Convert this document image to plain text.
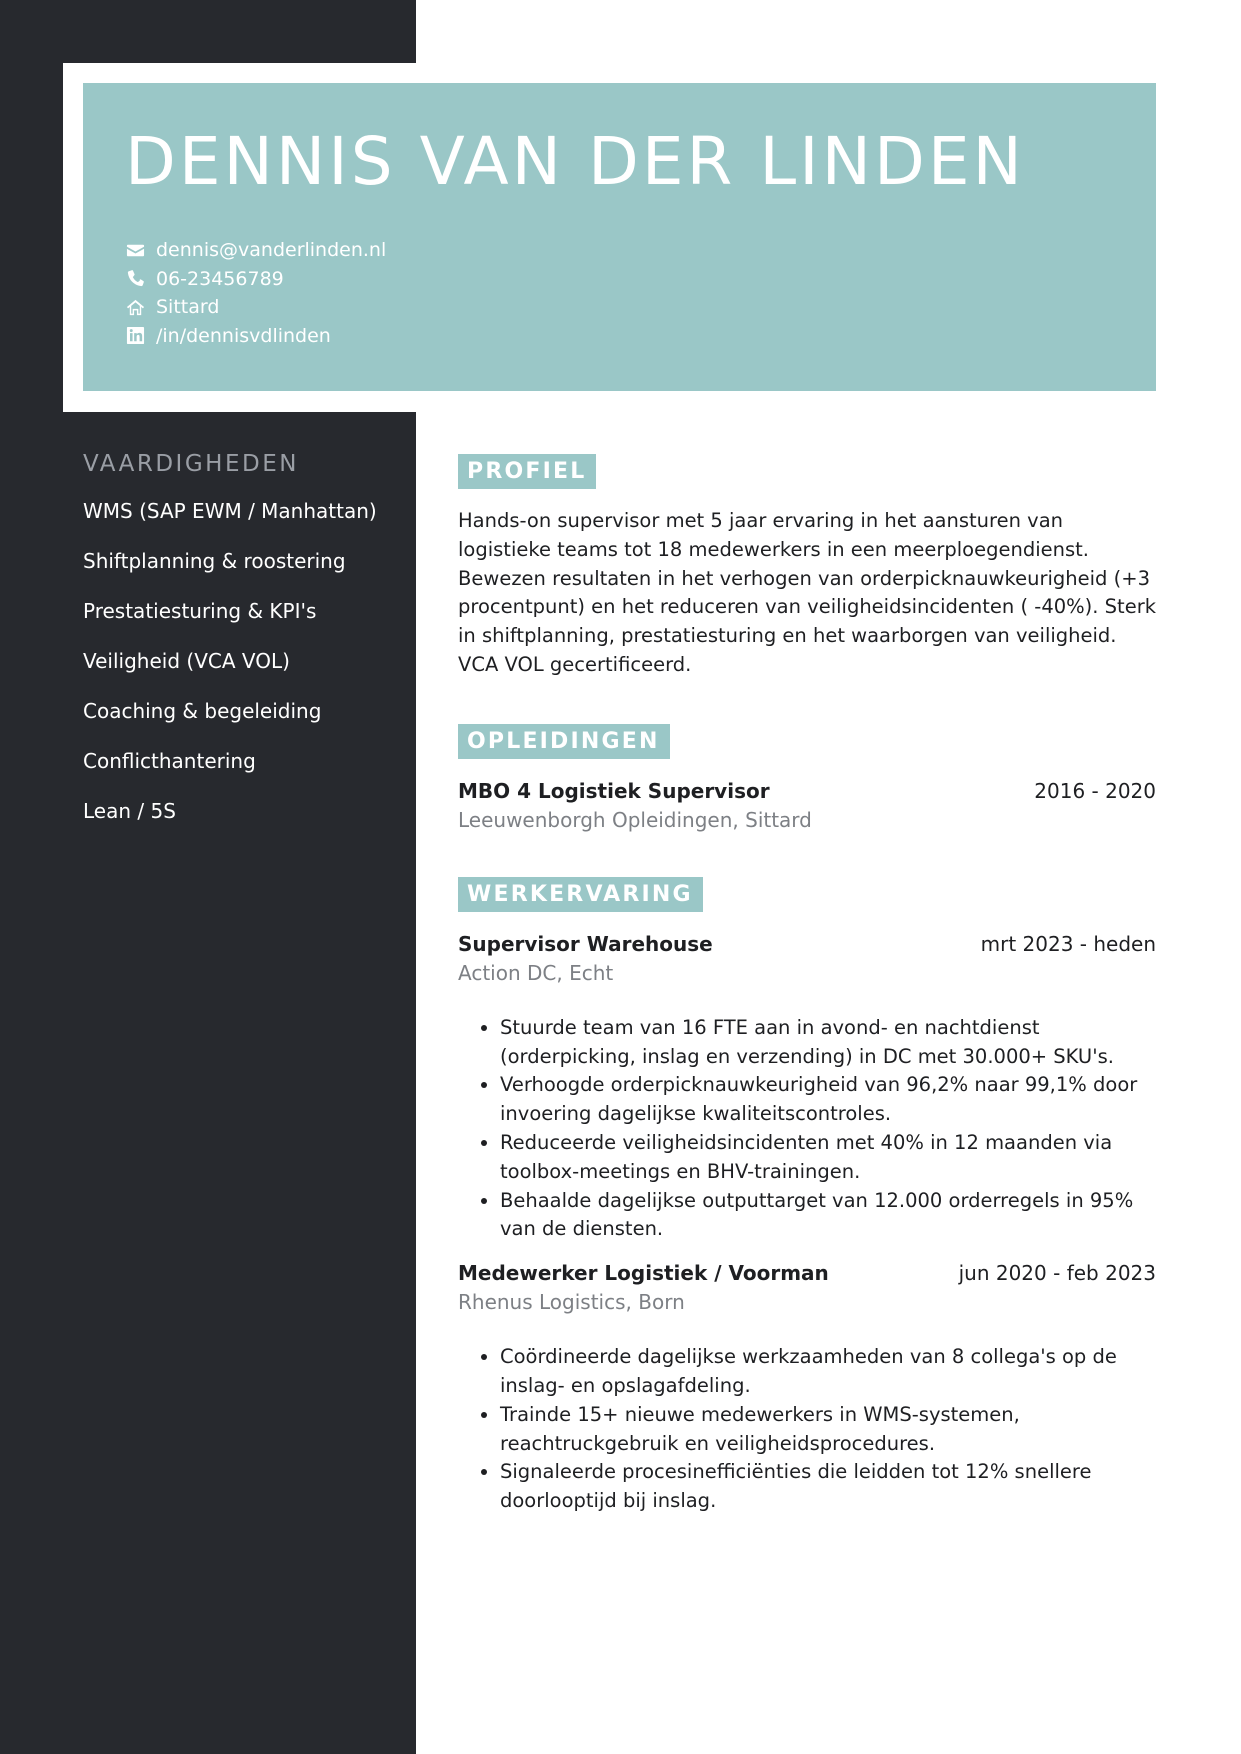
DENNIS VAN DER LINDEN
dennis@vanderlinden.nl
06-23456789
Sittard
/in/dennisvdlinden
VAARDIGHEDEN
WMS (SAP EWM / Manhattan)
Shiftplanning & roostering
Prestatiesturing & KPI's
Veiligheid (VCA VOL)
Coaching & begeleiding
Conflicthantering
Lean / 5S
PROFIEL

Hands-on supervisor met 5 jaar ervaring in het aansturen van logistieke teams tot 18 medewerkers in een meerploegendienst. Bewezen resultaten in het verhogen van orderpicknauwkeurigheid (+3 procentpunt) en het reduceren van veiligheidsincidenten ( -40%). Sterk in shiftplanning, prestatiesturing en het waarborgen van veiligheid. VCA VOL gecertificeerd.

OPLEIDINGEN
MBO 4 Logistiek Supervisor	2016 - 2020
Leeuwenborgh Opleidingen, Sittard
WERKERVARING
Supervisor Warehouse	mrt 2023 - heden
Action DC, Echt
• Stuurde team van 16 FTE aan in avond- en nachtdienst (orderpicking, inslag en verzending) in DC met 30.000+ SKU's.
• Verhoogde orderpicknauwkeurigheid van 96,2% naar 99,1% door invoering dagelijkse kwaliteitscontroles.
• Reduceerde veiligheidsincidenten met 40% in 12 maanden via toolbox-meetings en BHV-trainingen.
• Behaalde dagelijkse outputtarget van 12.000 orderregels in 95% van de diensten.
Medewerker Logistiek / Voorman	jun 2020 - feb 2023
Rhenus Logistics, Born
• Coördineerde dagelijkse werkzaamheden van 8 collega's op de inslag- en opslagafdeling.
• Trainde 15+ nieuwe medewerkers in WMS-systemen, reachtruckgebruik en veiligheidsprocedures.
• Signaleerde procesinefficiënties die leidden tot 12% snellere doorlooptijd bij inslag.
